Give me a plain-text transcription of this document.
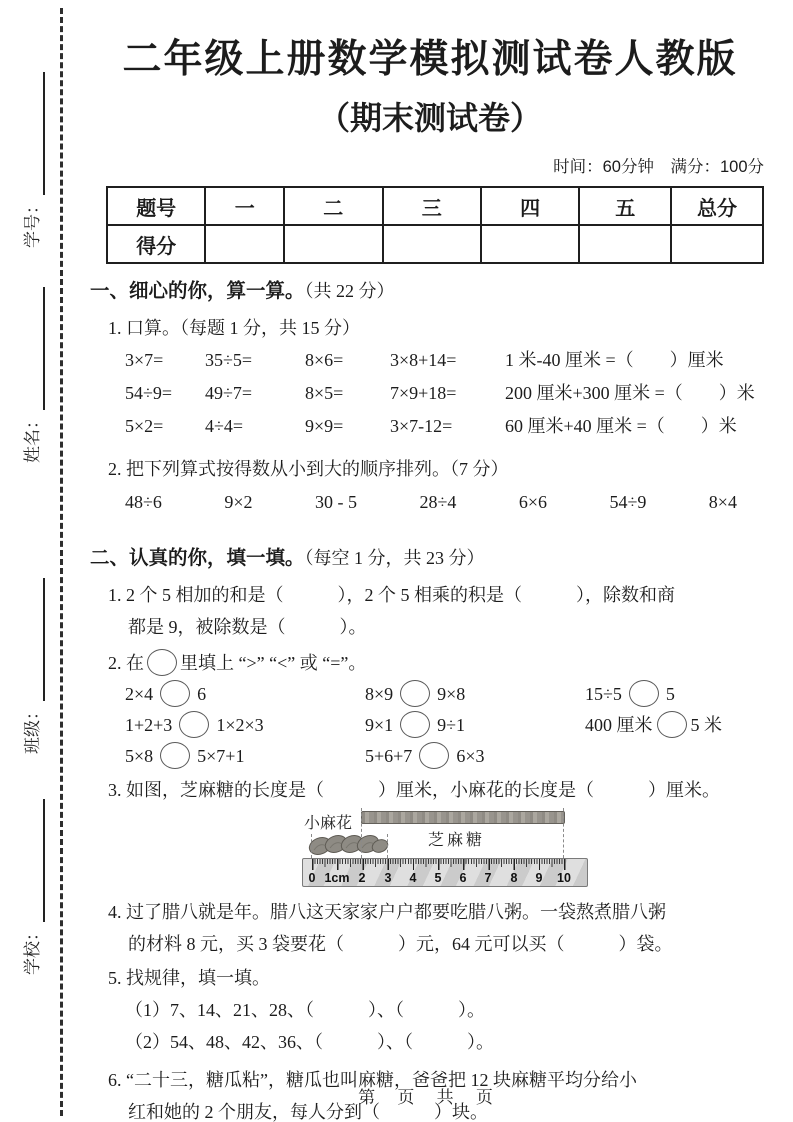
学号：
姓名：
班级：
学校：
二年级上册数学模拟测试卷人教版
（期末测试卷）
时间：60分钟　满分：100分
题号	一	二	三	四	五	总分
得分						
一、细心的你，算一算。（共 22 分）
1. 口算。（每题 1 分，共 15 分）
3×7=	35÷5=	8×6=	3×8+14=	1 米-40 厘米 =（　　）厘米
54÷9=	49÷7=	8×5=	7×9+18=	200 厘米+300 厘米 =（　　）米
5×2=	4÷4=	9×9=	3×7-12=	60 厘米+40 厘米 =（　　）米
2. 把下列算式按得数从小到大的顺序排列。（7 分）
48÷6	9×2	30 - 5	28÷4	6×6	54÷9	8×4
二、认真的你，填一填。（每空 1 分，共 23 分）
1. 2 个 5 相加的和是（　　　），2 个 5 相乘的积是（　　　），除数和商
都是 9，被除数是（　　　）。
2. 在 里填上 “>” “<” 或 “=”。
2×4 6	8×9 9×8	15÷5 5
1+2+3 1×2×3	9×1 9÷1	400 厘米 5 米
5×8 5×7+1	5+6+7 6×3
3. 如图，芝麻糖的长度是（　　　）厘米，小麻花的长度是（　　　）厘米。
小麻花
芝麻糖
0 1cm 2	3	4	5	6	7	8	9	10
4. 过了腊八就是年。腊八这天家家户户都要吃腊八粥。一袋熬煮腊八粥
的材料 8 元，买 3 袋要花（　　　）元，64 元可以买（　　　）袋。
5. 找规律，填一填。
（1）7、14、21、28、（　　　）、（　　　）。
（2）54、48、42、36、（　　　）、（　　　）。
6. “二十三，糖瓜粘”，糖瓜也叫麻糖，爸爸把 12 块麻糖平均分给小
红和她的 2 个朋友，每人分到（　　　）块。
第 页 共 页
